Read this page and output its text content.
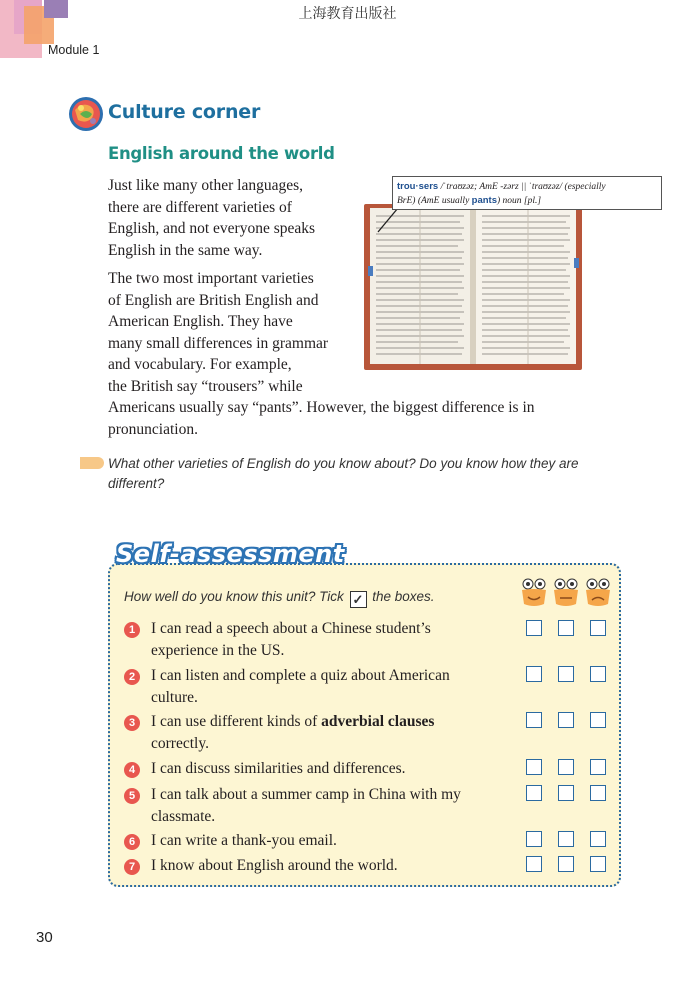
上海教育出版社
Module 1
Culture corner
English around the world
Just like many other languages,
there are different varieties of
English, and not everyone speaks
English in the same way.
The two most important varieties
of English are British English and
American English. They have
many small differences in grammar
and vocabulary. For example,
the British say “trousers” while
Americans usually say “pants”. However, the biggest difference is in
pronunciation.
trou·sers /ˈtraʊzəz; AmE -zərz || ˈtraʊzəz/ (especially
BrE) (AmE usually pants) noun [pl.]
What other varieties of English do you know about? Do you know how they are different?
Self-assessment
How well do you know this unit? Tick ✓ the boxes.
1	I can read a speech about a Chinese student’s
experience in the US.
2	I can listen and complete a quiz about American
culture.
3	I can use different kinds of adverbial clauses
correctly.
4	I can discuss similarities and differences.
5	I can talk about a summer camp in China with my
classmate.
6	I can write a thank-you email.
7	I know about English around the world.
30
